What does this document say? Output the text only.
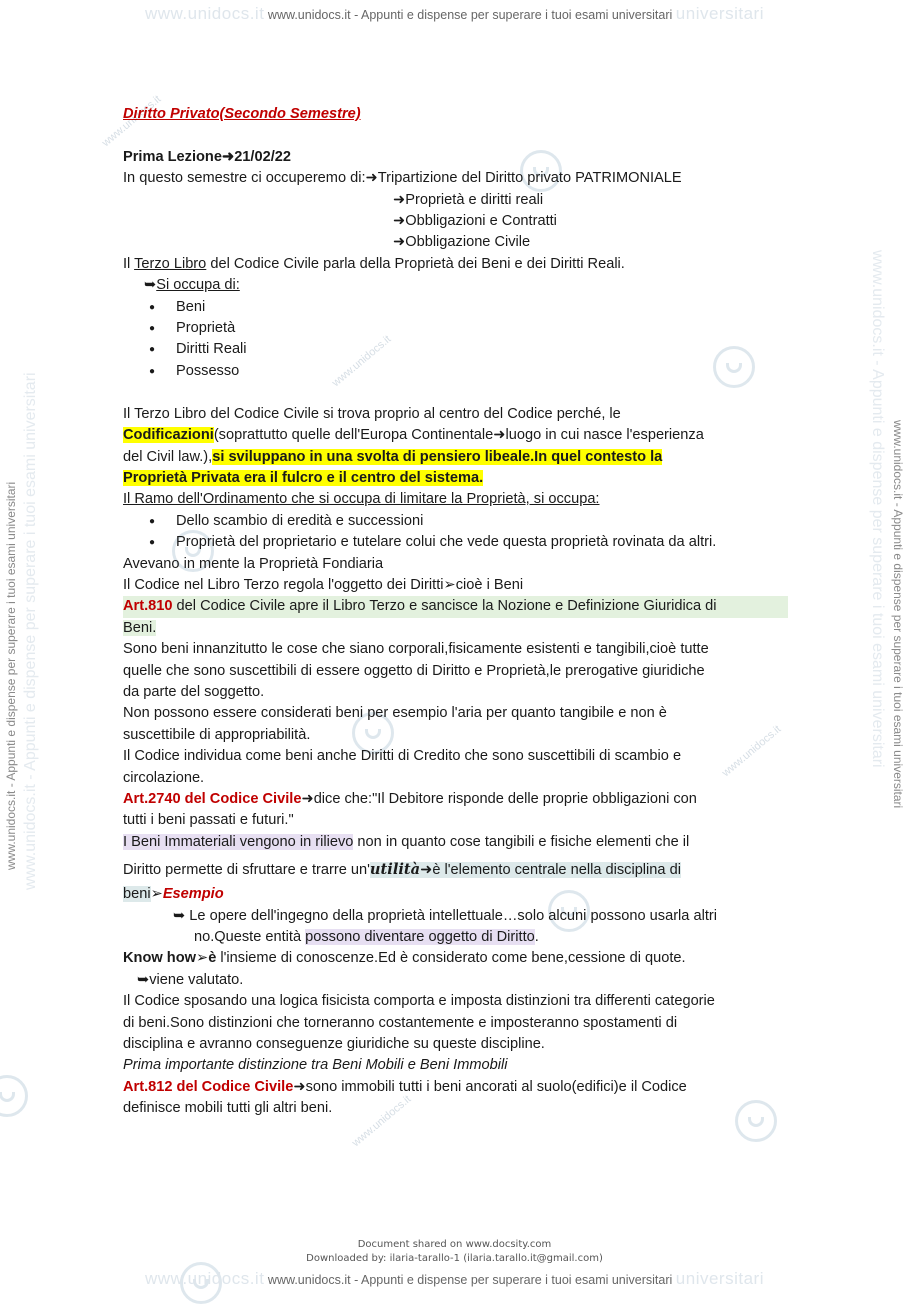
www.unidocs.it www.unidocs.it - Appunti e dispense per superare i tuoi esami universitari universitari
www.unidocs.it - Appunti e dispense per superare i tuoi esami universitari	www.unidocs.it - Appunti e dispense per superare i tuoi esami universitari
www.unidocs.it - Appunti e dispense per superare i tuoi esami universitari	www.unidocs.it - Appunti e dispense per superare i tuoi esami universitari
www.unidocs.it
www.unidocs.it
www.unidocs.it
www.unidocs.it
Diritto Privato(Secondo Semestre)

Prima Lezione➜21/02/22
In questo semestre ci occuperemo di:➜Tripartizione del Diritto privato PATRIMONIALE
➜Proprietà e diritti reali
➜Obbligazioni e Contratti
➜Obbligazione Civile
Il Terzo Libro del Codice Civile parla della Proprietà dei Beni e dei Diritti Reali.
➥Si occupa di:
● Beni
● Proprietà
● Diritti Reali
● Possesso

Il Terzo Libro del Codice Civile si trova proprio al centro del Codice perché, le
Codificazioni(soprattutto quelle dell'Europa Continentale➜luogo in cui nasce l'esperienza
del Civil law.),si sviluppano in una svolta di pensiero libeale.In quel contesto la
Proprietà Privata era il fulcro e il centro del sistema.
Il Ramo dell'Ordinamento che si occupa di limitare la Proprietà, si occupa:
● Dello scambio di eredità e successioni
● Proprietà del proprietario e tutelare colui che vede questa proprietà rovinata da altri.
Avevano in mente la Proprietà Fondiaria
Il Codice nel Libro Terzo regola l'oggetto dei Diritti➢cioè i Beni
Art.810 del Codice Civile apre il Libro Terzo e sancisce la Nozione e Definizione Giuridica di
Beni.
Sono beni innanzitutto le cose che siano corporali,fisicamente esistenti e tangibili,cioè tutte
quelle che sono suscettibili di essere oggetto di Diritto e Proprietà,le prerogative giuridiche
da parte del soggetto.
Non possono essere considerati beni per esempio l'aria per quanto tangibile e non è
suscettibile di appropriabilità.
Il Codice individua come beni anche Diritti di Credito che sono suscettibili di scambio e
circolazione.
Art.2740 del Codice Civile➜dice che:"Il Debitore risponde delle proprie obbligazioni con
tutti i beni passati e futuri."
I Beni Immateriali vengono in rilievo non in quanto cose tangibili e fisiche elementi che il
Diritto permette di sfruttare e trarre un'utilità➜è l'elemento centrale nella disciplina di
beni➢Esempio
➥ Le opere dell'ingegno della proprietà intellettuale…solo alcuni possono usarla altri
no.Queste entità possono diventare oggetto di Diritto.
Know how➢è l'insieme di conoscenze.Ed è considerato come bene,cessione di quote.
➥viene valutato.
Il Codice sposando una logica fisicista comporta e imposta distinzioni tra differenti categorie
di beni.Sono distinzioni che torneranno costantemente e imposteranno spostamenti di
disciplina e avranno conseguenze giuridiche su queste discipline.
Prima importante distinzione tra Beni Mobili e Beni Immobili
Art.812 del Codice Civile➜sono immobili tutti i beni ancorati al suolo(edifici)e il Codice
definisce mobili tutti gli altri beni.
Document shared on www.docsity.com
Downloaded by: ilaria-tarallo-1 (ilaria.tarallo.it@gmail.com)
www.unidocs.it www.unidocs.it - Appunti e dispense per superare i tuoi esami universitari universitari
